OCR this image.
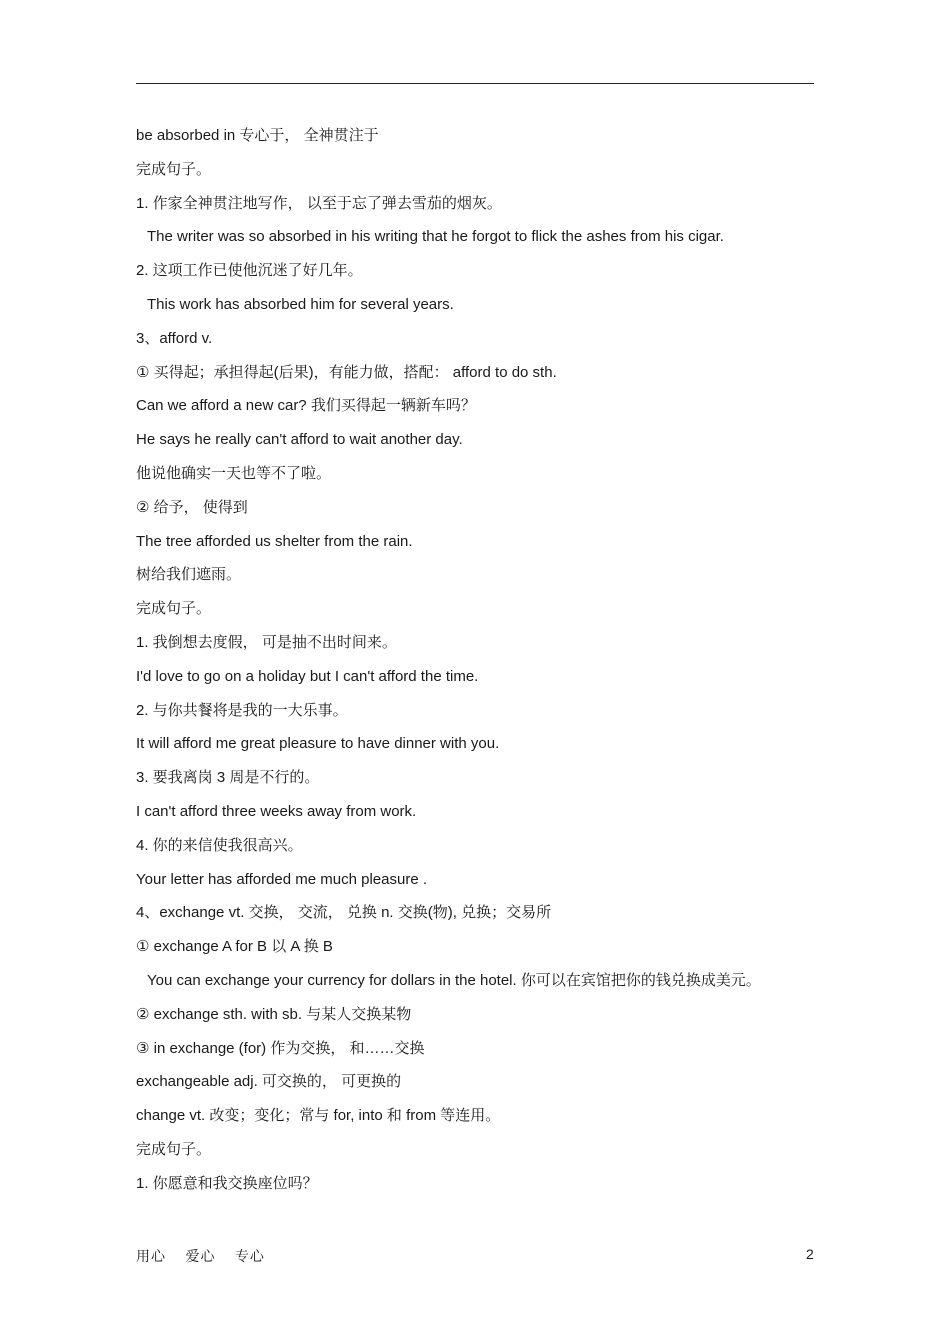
be absorbed in 专心于， 全神贯注于
完成句子。
1. 作家全神贯注地写作， 以至于忘了弹去雪茄的烟灰。
The writer was so absorbed in his writing that he forgot to flick the ashes from his cigar.
2. 这项工作已使他沉迷了好几年。
This work has absorbed him for several years.
3、afford v.
① 买得起；承担得起(后果)，有能力做，搭配： afford to do sth.
Can we afford a new car? 我们买得起一辆新车吗？
He says he really can't afford to wait another day.
他说他确实一天也等不了啦。
② 给予， 使得到
The tree afforded us shelter from the rain.
树给我们遮雨。
完成句子。
1. 我倒想去度假， 可是抽不出时间来。
I'd love to go on a holiday but I can't afford the time.
2. 与你共餐将是我的一大乐事。
It will afford me great pleasure to have dinner with you.
3. 要我离岗 3 周是不行的。
I can't afford three weeks away from work.
4. 你的来信使我很高兴。
Your letter has afforded me much pleasure .
4、exchange vt. 交换， 交流， 兑换 n. 交换(物), 兑换；交易所
① exchange A for B 以 A 换 B
You can exchange your currency for dollars in the hotel. 你可以在宾馆把你的钱兑换成美元。
② exchange sth. with sb. 与某人交换某物
③ in exchange (for) 作为交换， 和……交换
exchangeable adj. 可交换的， 可更换的
change vt. 改变；变化；常与 for, into 和 from 等连用。
完成句子。
1. 你愿意和我交换座位吗？
用心 爱心 专心	2
